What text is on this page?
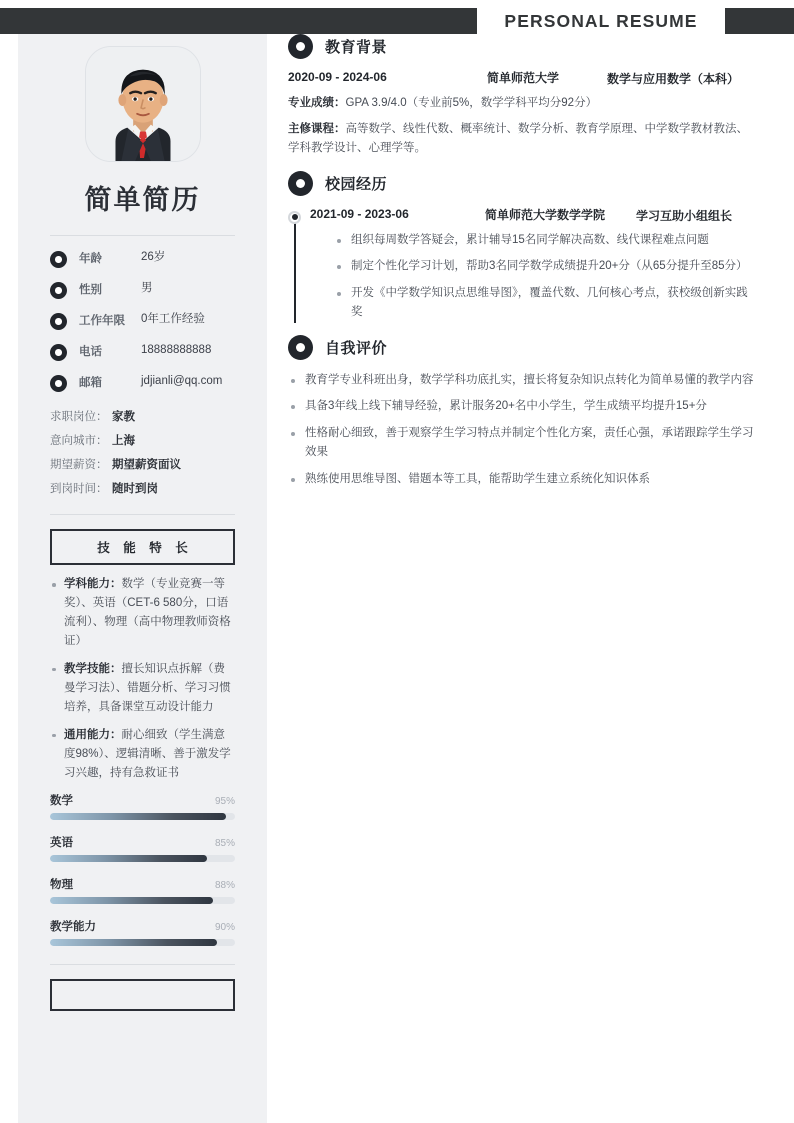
PERSONAL RESUME
简单简历
年龄	26岁
性别	男
工作年限	0年工作经验
电话	18888888888
邮箱	jdjianli@qq.com
求职岗位： 家教
意向城市： 上海
期望薪资： 期望薪资面议
到岗时间： 随时到岗
技 能 特 长
学科能力：数学（专业竞赛一等奖）、英语（CET-6 580分，口语流利）、物理（高中物理教师资格证）
教学技能：擅长知识点拆解（费曼学习法）、错题分析、学习习惯培养，具备课堂互动设计能力
通用能力：耐心细致（学生满意度98%）、逻辑清晰、善于激发学习兴趣，持有急救证书
数学	95%
英语	85%
物理	88%
教学能力	90%

教育背景
2020-09 - 2024-06	简单师范大学	数学与应用数学（本科）
专业成绩：GPA 3.9/4.0（专业前5%，数学学科平均分92分）
主修课程：高等数学、线性代数、概率统计、数学分析、教育学原理、中学数学教材教法、学科教学设计、心理学等。
校园经历
2021-09 - 2023-06	简单师范大学数学学院	学习互助小组组长
组织每周数学答疑会，累计辅导15名同学解决高数、线代课程难点问题
制定个性化学习计划，帮助3名同学数学成绩提升20+分（从65分提升至85分）
开发《中学数学知识点思维导图》，覆盖代数、几何核心考点，获校级创新实践奖
自我评价
教育学专业科班出身，数学学科功底扎实，擅长将复杂知识点转化为简单易懂的教学内容
具备3年线上线下辅导经验，累计服务20+名中小学生，学生成绩平均提升15+分
性格耐心细致，善于观察学生学习特点并制定个性化方案，责任心强，承诺跟踪学生学习效果
熟练使用思维导图、错题本等工具，能帮助学生建立系统化知识体系
